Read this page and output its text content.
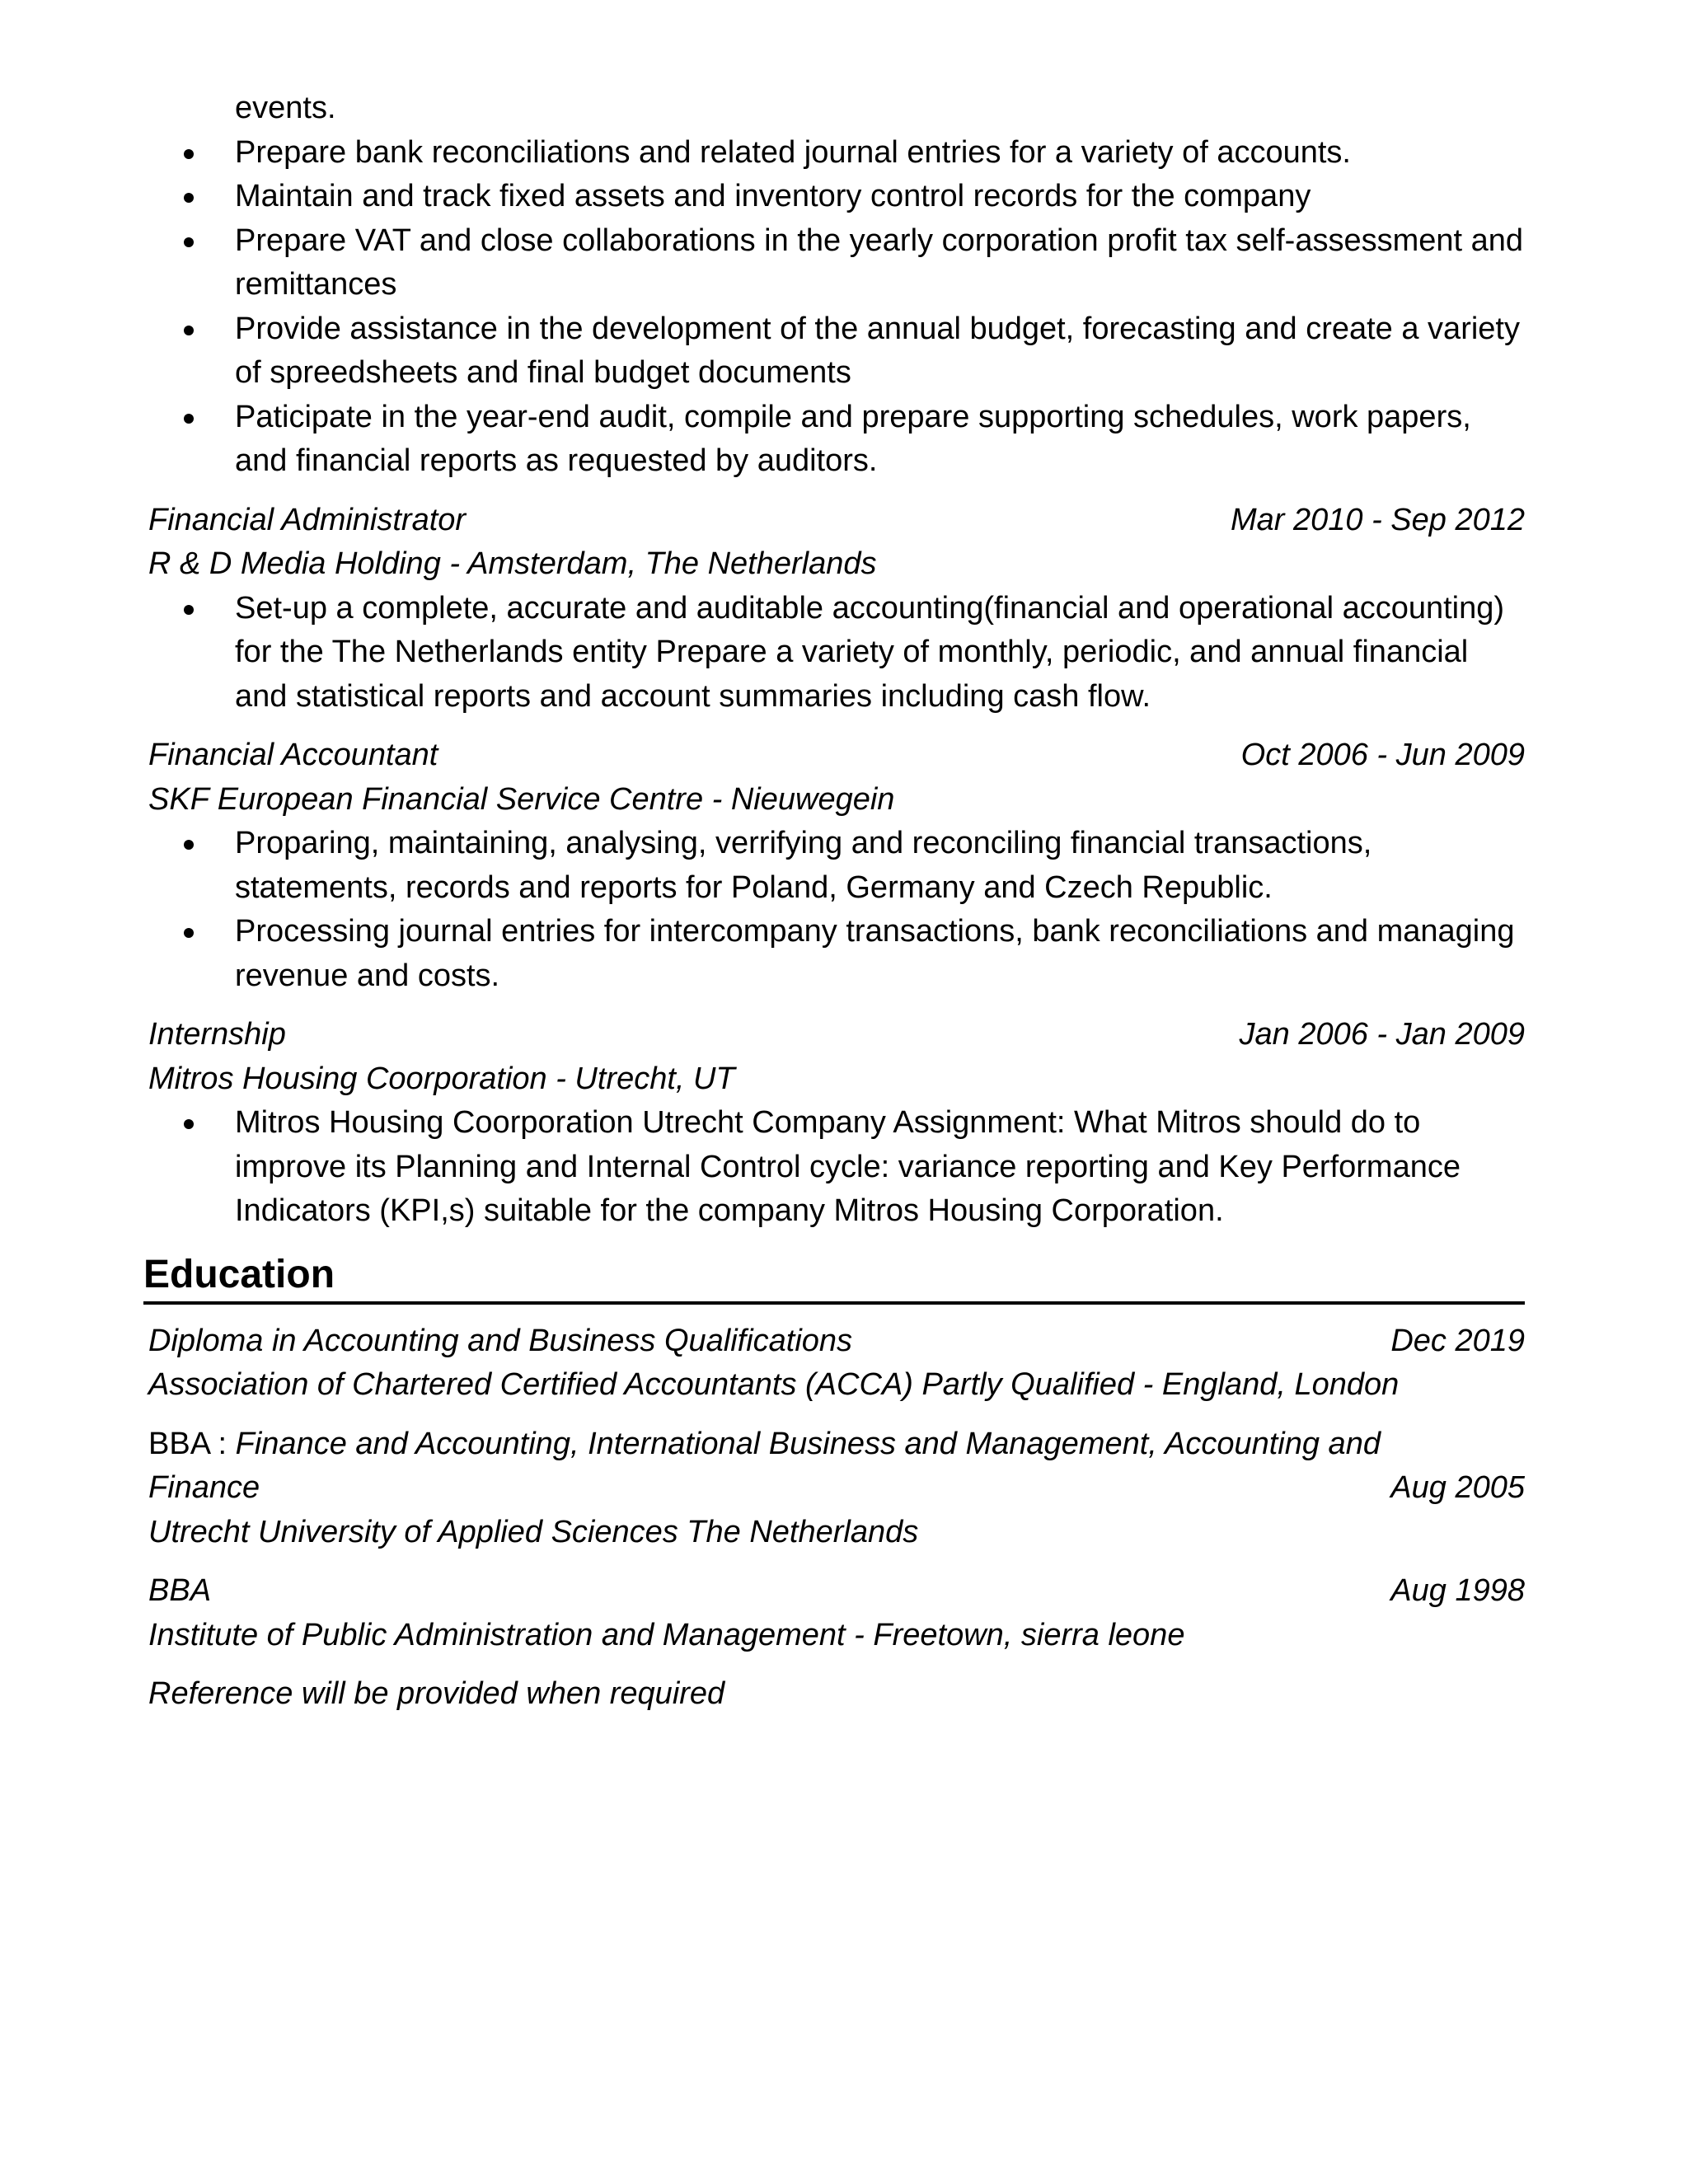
events.
Prepare bank reconciliations and related journal entries for a variety of accounts.
Maintain and track fixed assets and inventory control records for the company
Prepare VAT and close collaborations in the yearly corporation profit tax self-assessment and remittances
Provide assistance in the development of the annual budget, forecasting and create a variety of spreedsheets and final budget documents
Paticipate in the year-end audit, compile and prepare supporting schedules, work papers, and financial reports as requested by auditors.
Financial Administrator	Mar 2010 - Sep 2012
R & D Media Holding - Amsterdam, The Netherlands
Set-up a complete, accurate and auditable accounting(financial and operational accounting) for the The Netherlands entity Prepare a variety of monthly, periodic, and annual financial and statistical reports and account summaries including cash flow.
Financial Accountant	Oct 2006 - Jun 2009
SKF European Financial Service Centre - Nieuwegein
Proparing, maintaining, analysing, verrifying and reconciling financial transactions, statements, records and reports for Poland, Germany and Czech Republic.
Processing journal entries for intercompany transactions, bank reconciliations and managing revenue and costs.
Internship	Jan 2006 - Jan 2009
Mitros Housing Coorporation - Utrecht, UT
Mitros Housing Coorporation Utrecht Company Assignment: What Mitros should do to improve its Planning and Internal Control cycle: variance reporting and Key Performance Indicators (KPI,s) suitable for the company Mitros Housing Corporation.
Education
Diploma in Accounting and Business Qualifications	Dec 2019
Association of Chartered Certified Accountants (ACCA) Partly Qualified - England, London
BBA : Finance and Accounting, International Business and Management, Accounting and
Finance	Aug 2005
Utrecht University of Applied Sciences The Netherlands
BBA	Aug 1998
Institute of Public Administration and Management - Freetown, sierra leone
Reference will be provided when required
